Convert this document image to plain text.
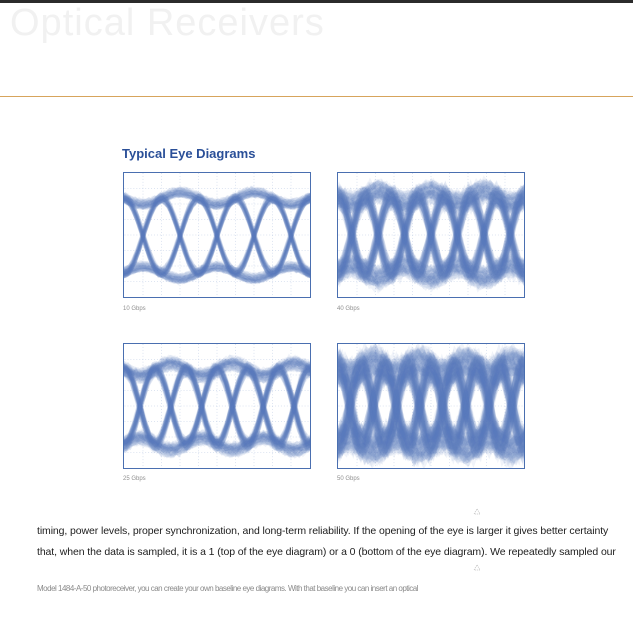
Optical Receivers
Typical Eye Diagrams
10 Gbps	40 Gbps
25 Gbps	50 Gbps
timing, power levels, proper synchronization, and long-term reliability. If the opening of the eye is larger it gives better certainty
that, when the data is sampled, it is a 1 (top of the eye diagram) or a 0 (bottom of the eye diagram). We repeatedly sampled our
Model 1484-A-50 photoreceiver, you can create your own baseline eye diagrams. With that baseline you can insert an optical
